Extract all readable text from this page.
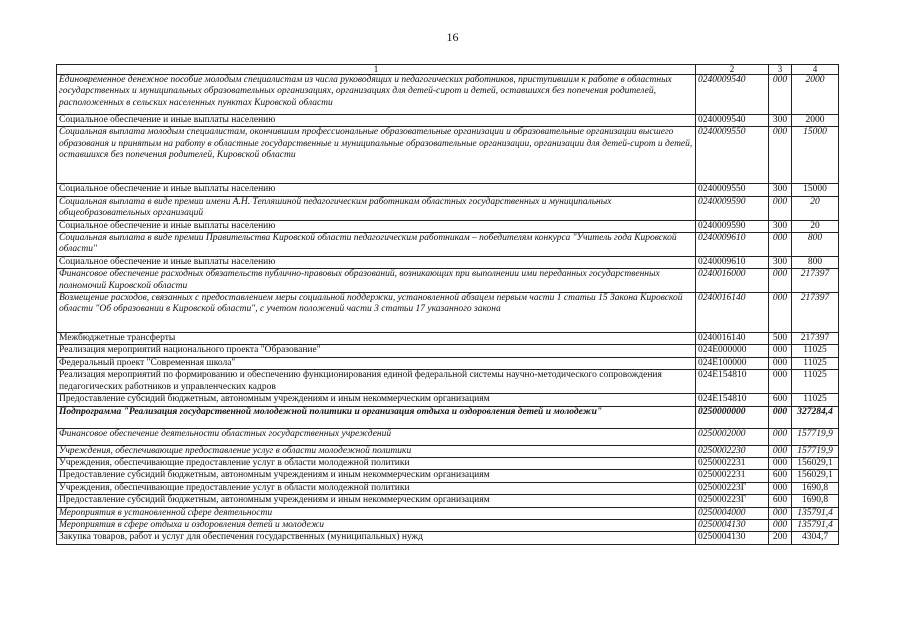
16
1	2	3	4
Единовременное денежное пособие молодым специалистам из числа руководящих и педагогических работников, приступившим к работе в областных государственных и муниципальных образовательных организациях, организациях для детей-сирот и детей, оставшихся без попечения родителей, расположенных в сельских населенных пунктах Кировской области	0240009540	000	2000
Социальное обеспечение и иные выплаты населению	0240009540	300	2000
Социальная выплата молодым специалистам, окончившим профессиональные образовательные организации и образовательные организации высшего образования и принятым на работу в областные государственные и муниципальные образовательные организации, организации для детей-сирот и детей, оставшихся без попечения родителей, Кировской области	0240009550	000	15000
Социальное обеспечение и иные выплаты населению	0240009550	300	15000
Социальная выплата в виде премии имени А.Н. Тепляшиной педагогическим работникам областных государственных и муниципальных общеобразовательных организаций	0240009590	000	20
Социальное обеспечение и иные выплаты населению	0240009590	300	20
Социальная выплата в виде премии Правительства Кировской области педагогическим работникам – победителям конкурса "Учитель года Кировской области"	0240009610	000	800
Социальное обеспечение и иные выплаты населению	0240009610	300	800
Финансовое обеспечение расходных обязательств публично-правовых образований, возникающих при выполнении ими переданных государственных полномочий Кировской области	0240016000	000	217397
Возмещение расходов, связанных с предоставлением меры социальной поддержки, установленной абзацем первым части 1 статьи 15 Закона Кировской области "Об образовании в Кировской области", с учетом положений части 3 статьи 17 указанного закона	0240016140	000	217397
Межбюджетные трансферты	0240016140	500	217397
Реализация мероприятий национального проекта "Образование"	024E000000	000	11025
Федеральный проект "Современная школа"	024E100000	000	11025
Реализация мероприятий по формированию и обеспечению функционирования единой федеральной системы научно-методического сопровождения педагогических работников и управленческих кадров	024E154810	000	11025
Предоставление субсидий бюджетным, автономным учреждениям и иным некоммерческим организациям	024E154810	600	11025
Подпрограмма "Реализация государственной молодежной политики и организация отдыха и оздоровления детей и молодежи"	0250000000	000	327284,4
Финансовое обеспечение деятельности областных государственных учреждений	0250002000	000	157719,9
Учреждения, обеспечивающие предоставление услуг в области молодежной политики	0250002230	000	157719,9
Учреждения, обеспечивающие предоставление услуг в области молодежной политики	0250002231	000	156029,1
Предоставление субсидий бюджетным, автономным учреждениям и иным некоммерческим организациям	0250002231	600	156029,1
Учреждения, обеспечивающие предоставление услуг в области молодежной политики	025000223Г	000	1690,8
Предоставление субсидий бюджетным, автономным учреждениям и иным некоммерческим организациям	025000223Г	600	1690,8
Мероприятия в установленной сфере деятельности	0250004000	000	135791,4
Мероприятия в сфере отдыха и оздоровления детей и молодежи	0250004130	000	135791,4
Закупка товаров, работ и услуг для обеспечения государственных (муниципальных) нужд	0250004130	200	4304,7
